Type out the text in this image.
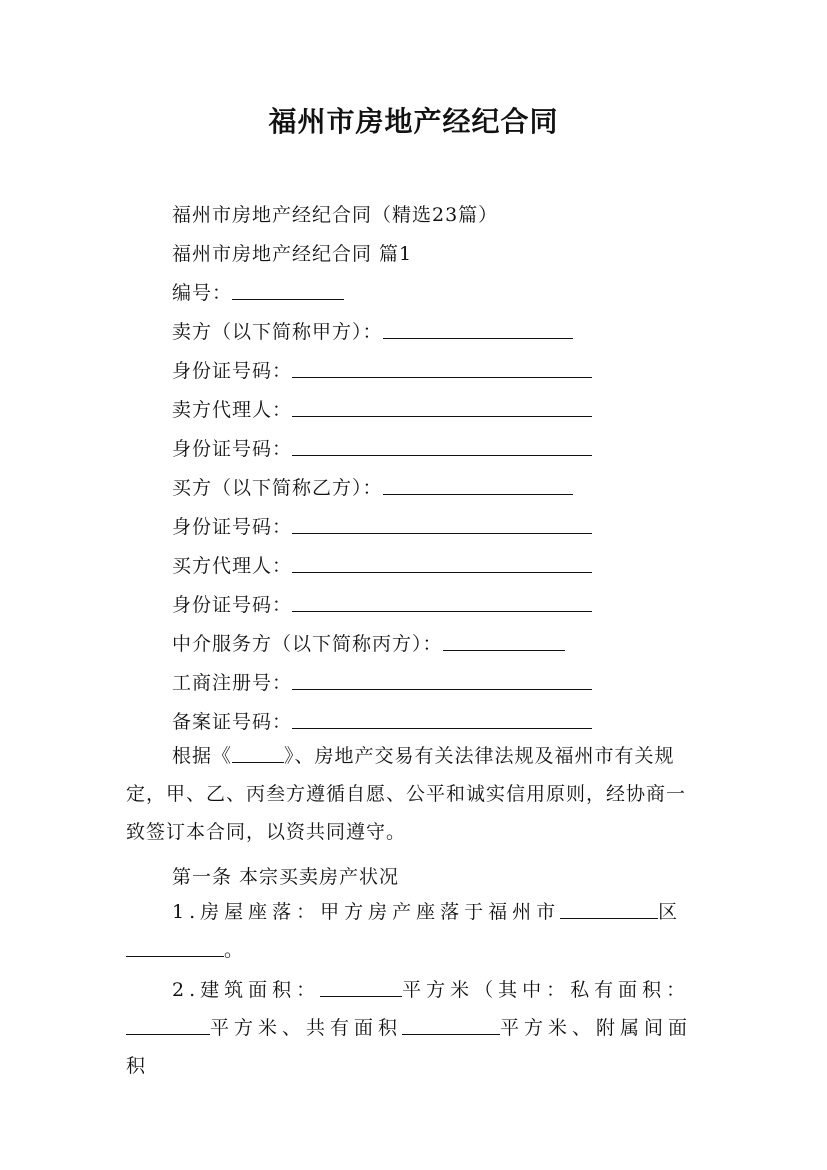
福州市房地产经纪合同
福州市房地产经纪合同（精选23篇）
福州市房地产经纪合同 篇1
编号：
卖方（以下简称甲方）：
身份证号码：
卖方代理人：
身份证号码：
买方（以下简称乙方）：
身份证号码：
买方代理人：
身份证号码：
中介服务方（以下简称丙方）：
工商注册号：
备案证号码：
根据《	》、房地产交易有关法律法规及福州市有关规定，甲、乙、丙叁方遵循自愿、公平和诚实信用原则，经协商一致签订本合同，以资共同遵守。
第一条 本宗买卖房产状况
1.房屋座落：甲方房产座落于福州市	区。
2.建筑面积：	平方米（其中：私有面积：平方米、共有面积	平方米、附属间面积
